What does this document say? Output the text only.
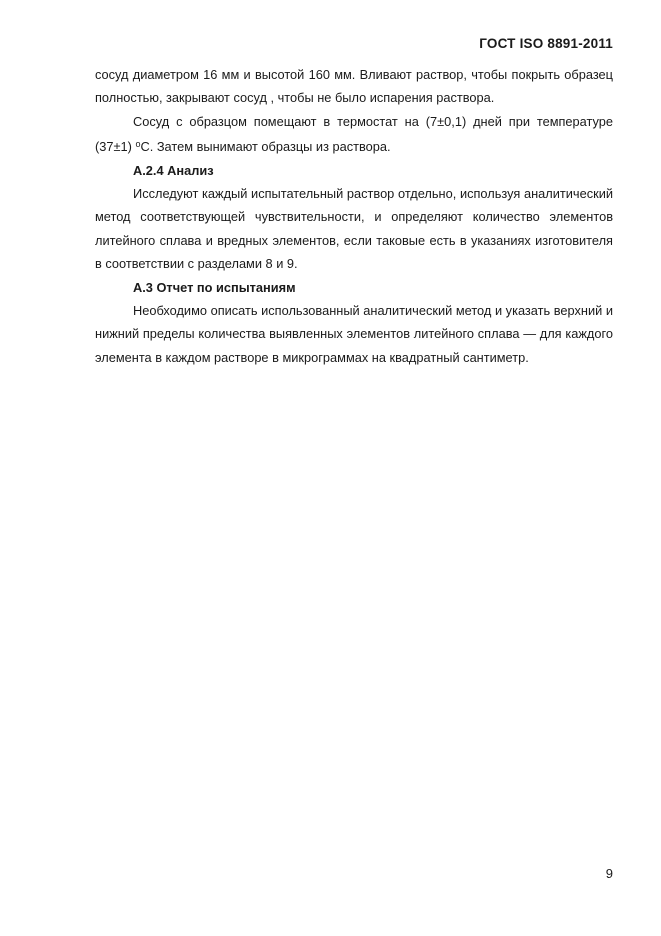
ГОСТ ISO 8891-2011

сосуд диаметром 16 мм и высотой 160 мм. Вливают раствор, чтобы покрыть образец полностью, закрывают сосуд , чтобы не было испарения раствора.

Сосуд с образцом помещают в термостат на (7±0,1) дней при температуре (37±1) $^o$С. Затем вынимают образцы из раствора.

А.2.4 Анализ

Исследуют каждый испытательный раствор отдельно, используя аналитический метод соответствующей чувствительности, и определяют количество элементов литейного сплава и вредных элементов, если таковые есть в указаниях изготовителя в соответствии с разделами 8 и 9.

А.3 Отчет по испытаниям

Необходимо описать использованный аналитический метод и указать верхний и нижний пределы количества выявленных элементов литейного сплава — для каждого элемента в каждом растворе в микрограммах на квадратный сантиметр.

9
